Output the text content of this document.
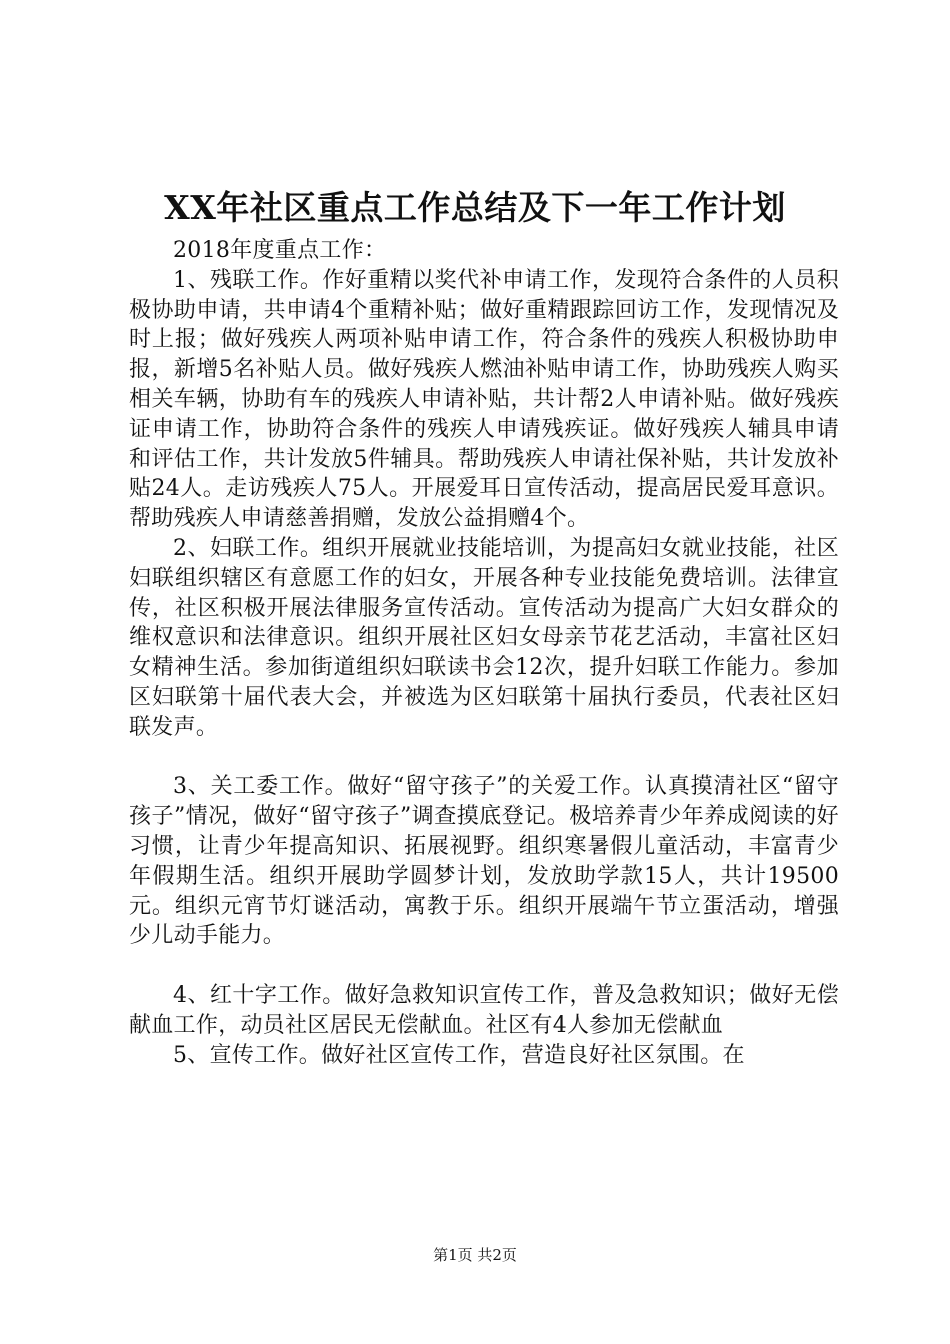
XX年社区重点工作总结及下一年工作计划

2018年度重点工作：

1、残联工作。作好重精以奖代补申请工作，发现符合条件的人员积极协助申请，共申请4个重精补贴；做好重精跟踪回访工作，发现情况及时上报；做好残疾人两项补贴申请工作，符合条件的残疾人积极协助申报，新增5名补贴人员。做好残疾人燃油补贴申请工作，协助残疾人购买相关车辆，协助有车的残疾人申请补贴，共计帮2人申请补贴。做好残疾证申请工作，协助符合条件的残疾人申请残疾证。做好残疾人辅具申请和评估工作，共计发放5件辅具。帮助残疾人申请社保补贴，共计发放补贴24人。走访残疾人75人。开展爱耳日宣传活动，提高居民爱耳意识。帮助残疾人申请慈善捐赠，发放公益捐赠4个。

2、妇联工作。组织开展就业技能培训，为提高妇女就业技能，社区妇联组织辖区有意愿工作的妇女，开展各种专业技能免费培训。法律宣传，社区积极开展法律服务宣传活动。宣传活动为提高广大妇女群众的维权意识和法律意识。组织开展社区妇女母亲节花艺活动，丰富社区妇女精神生活。参加街道组织妇联读书会12次，提升妇联工作能力。参加区妇联第十届代表大会，并被选为区妇联第十届执行委员，代表社区妇联发声。

3、关工委工作。做好“留守孩子”的关爱工作。认真摸清社区“留守孩子”情况，做好“留守孩子”调查摸底登记。极培养青少年养成阅读的好习惯，让青少年提高知识、拓展视野。组织寒暑假儿童活动，丰富青少年假期生活。组织开展助学圆梦计划，发放助学款15人，共计19500元。组织元宵节灯谜活动，寓教于乐。组织开展端午节立蛋活动，增强少儿动手能力。

4、红十字工作。做好急救知识宣传工作，普及急救知识；做好无偿献血工作，动员社区居民无偿献血。社区有4人参加无偿献血

5、宣传工作。做好社区宣传工作，营造良好社区氛围。在

第1页 共2页
